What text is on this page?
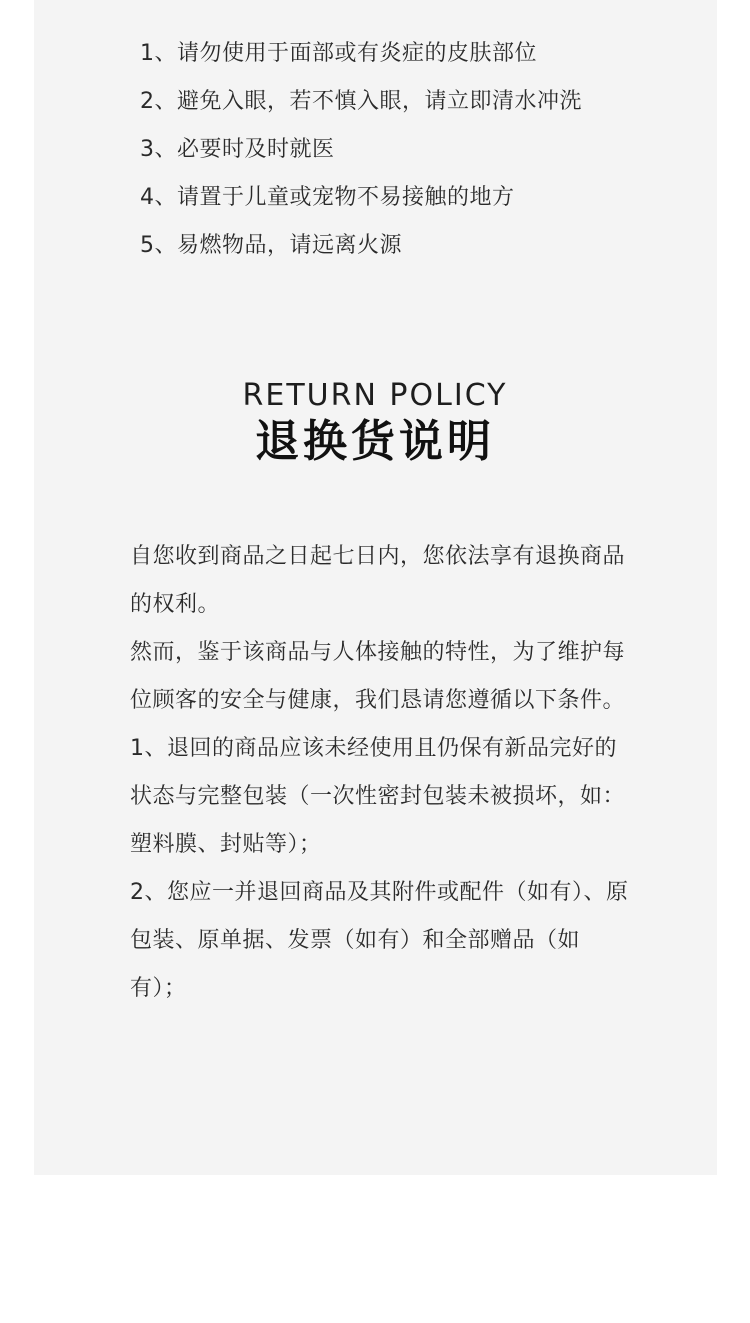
1、请勿使用于面部或有炎症的皮肤部位
2、避免入眼，若不慎入眼，请立即清水冲洗
3、必要时及时就医
4、请置于儿童或宠物不易接触的地方
5、易燃物品，请远离火源
RETURN POLICY
退换货说明

自您收到商品之日起七日内，您依法享有退换商品的权利。

然而，鉴于该商品与人体接触的特性，为了维护每位顾客的安全与健康，我们恳请您遵循以下条件。

1、退回的商品应该未经使用且仍保有新品完好的状态与完整包装（一次性密封包装未被损坏，如：塑料膜、封贴等）；

2、您应一并退回商品及其附件或配件（如有）、原包装、原单据、发票（如有）和全部赠品（如有）；
